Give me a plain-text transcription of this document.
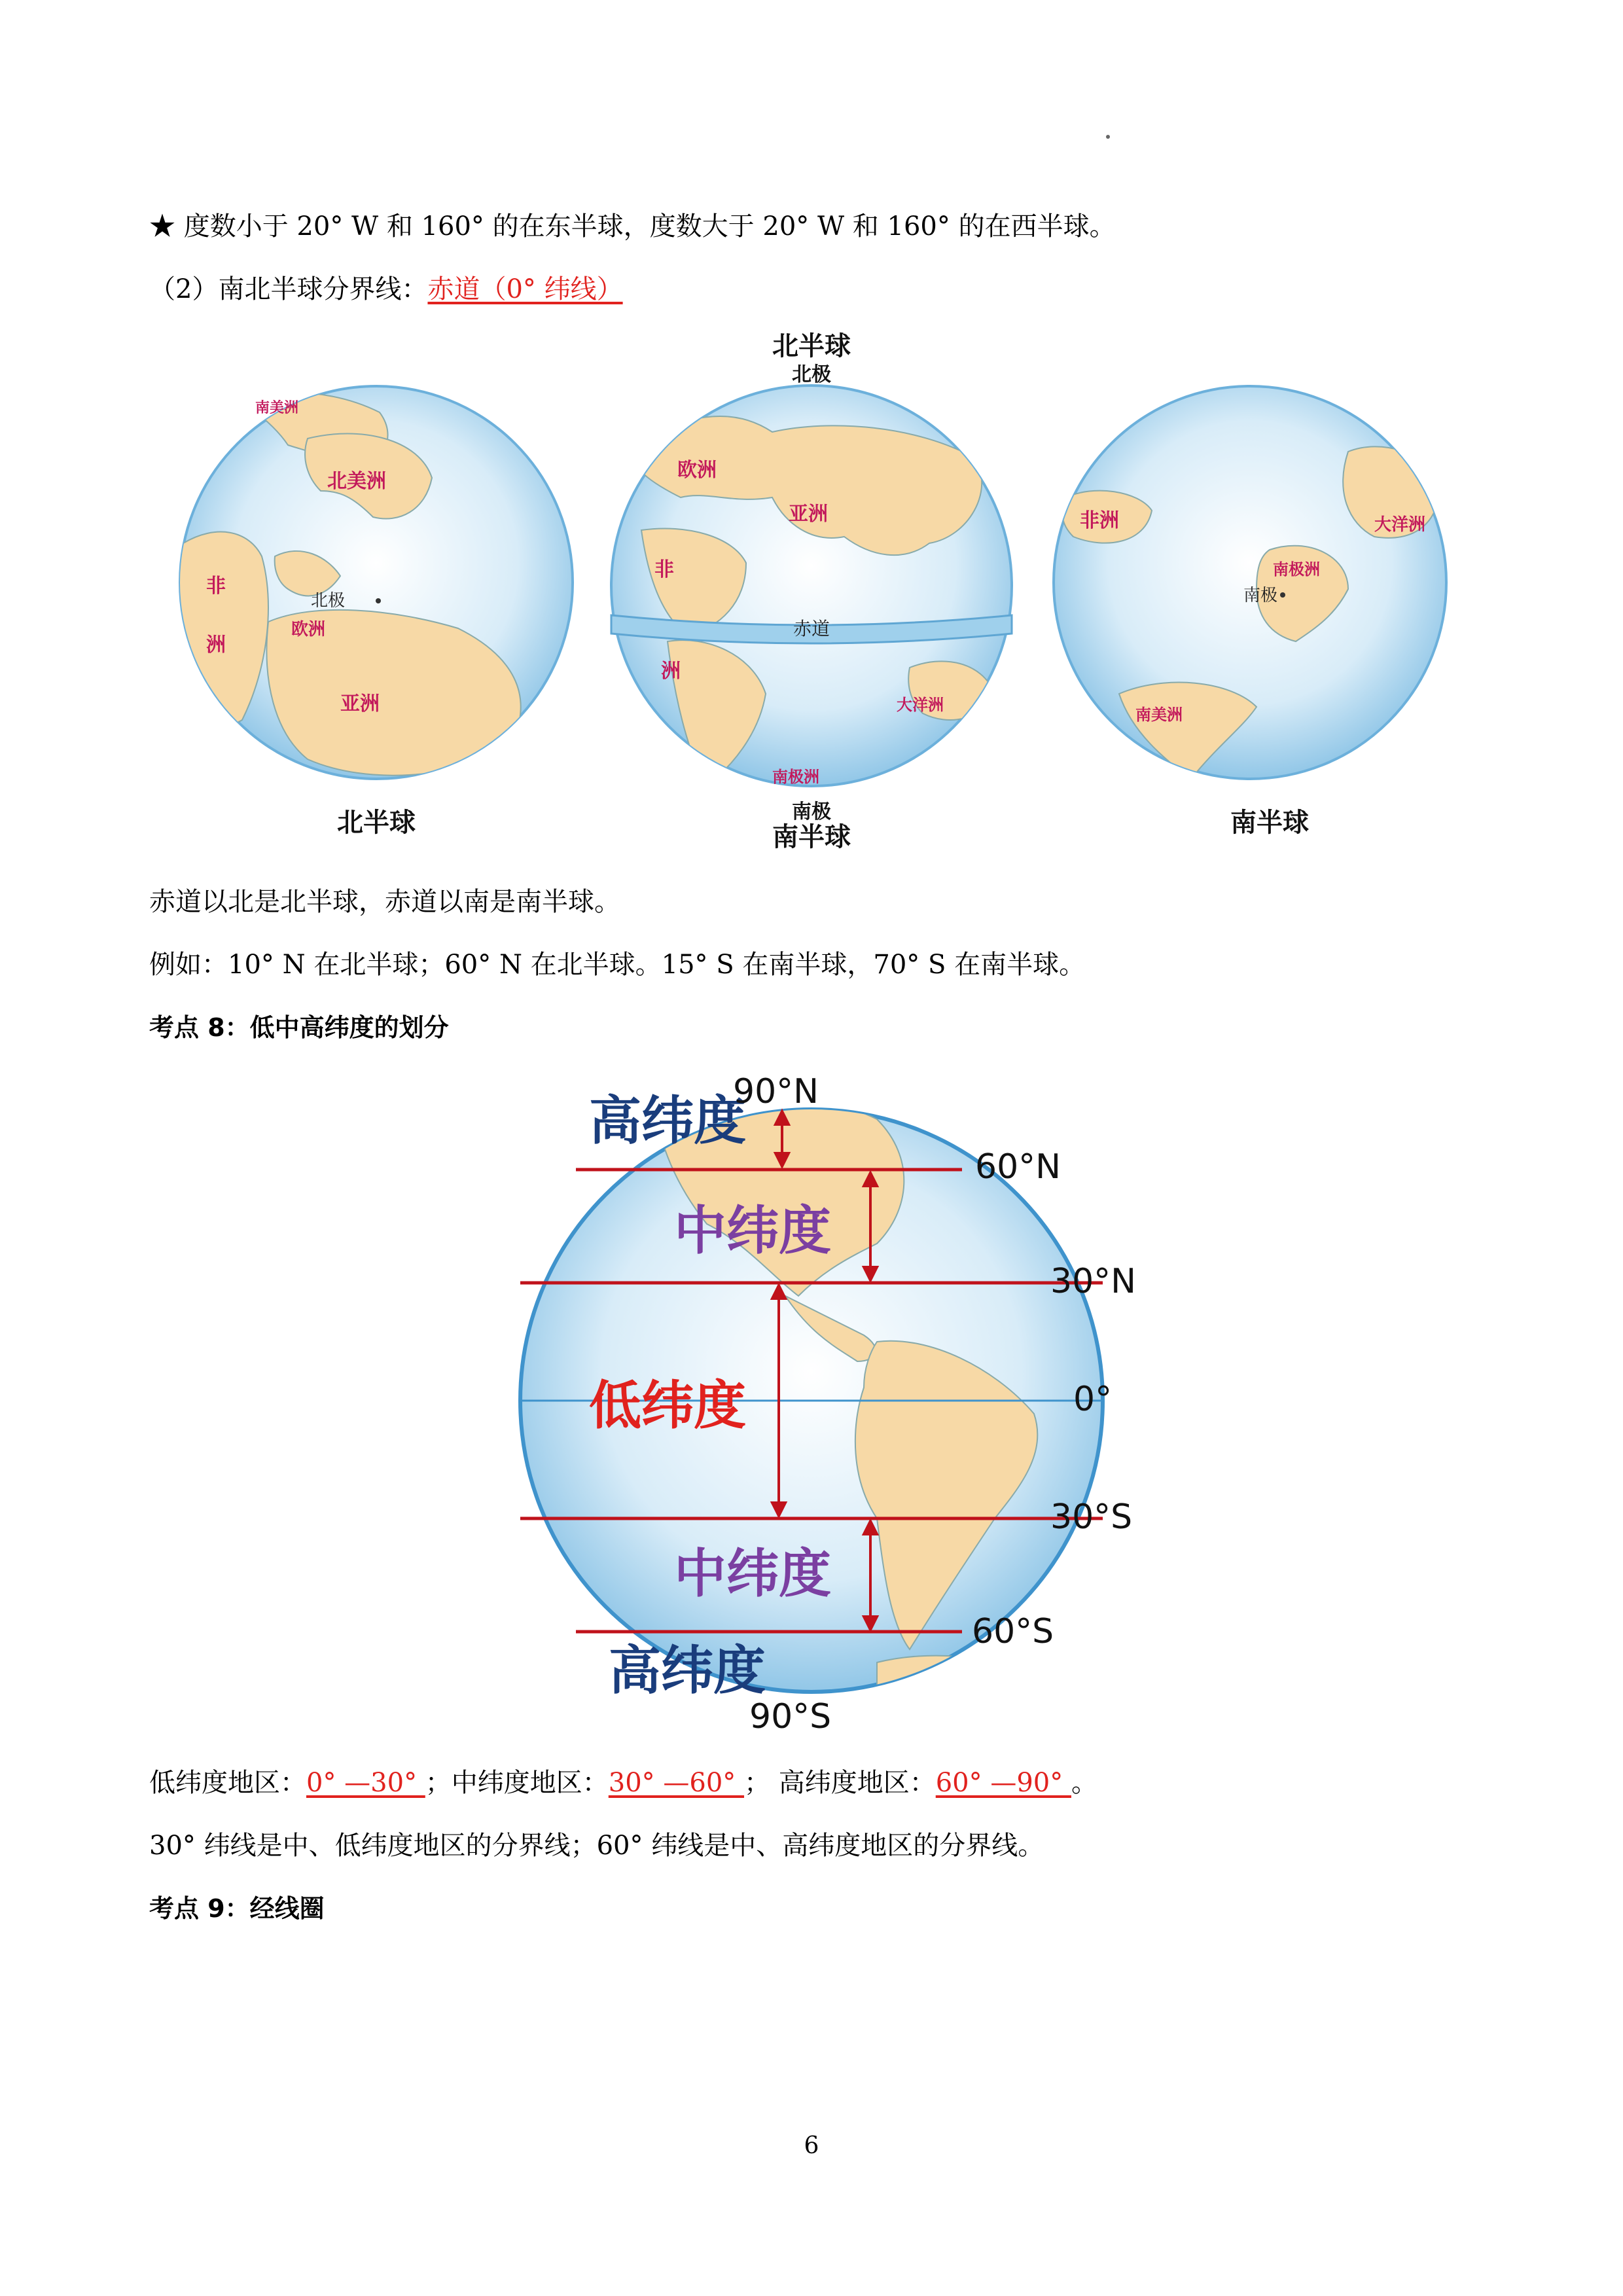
★ 度数小于 20° W 和 160° 的在东半球，度数大于 20° W 和 160° 的在西半球。
（2）南北半球分界线：赤道（0° 纬线）
南美洲
北美洲
非
洲
欧洲
亚洲
北极
北半球
欧洲
亚洲
非
洲
大洋洲
南极洲
赤道
北半球
北极
南极
南半球
非洲	大洋洲
南极洲
南美洲
南极
南半球
赤道以北是北半球，赤道以南是南半球。
例如：10° N 在北半球；60° N 在北半球。15° S 在南半球，70° S 在南半球。
考点 8：低中高纬度的划分
高纬度
中纬度
低纬度
中纬度
高纬度
90°N
60°N
30°N
0°
30°S
60°S
90°S
低纬度地区：0° —30° ；中纬度地区：30° —60° ； 高纬度地区：60° —90° 。
30° 纬线是中、低纬度地区的分界线；60° 纬线是中、高纬度地区的分界线。
考点 9：经线圈
6
